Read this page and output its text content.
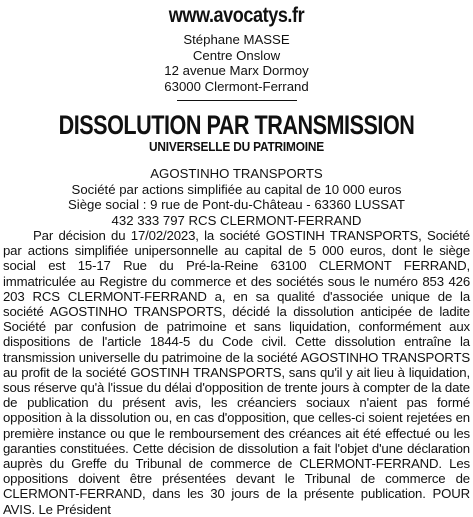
www.avocatys.fr
Stéphane MASSE
Centre Onslow
12 avenue Marx Dormoy
63000 Clermont-Ferrand
DISSOLUTION PAR TRANSMISSION
UNIVERSELLE DU PATRIMOINE
AGOSTINHO TRANSPORTS
Société par actions simplifiée au capital de 10 000 euros
Siège social : 9 rue de Pont-du-Château - 63360 LUSSAT
432 333 797 RCS CLERMONT-FERRAND

Par décision du 17/02/2023, la société GOSTINH TRANSPORTS, Société par actions simplifiée unipersonnelle au capital de 5 000 euros, dont le siège social est 15-17 Rue du Pré-la-Reine 63100 CLERMONT FERRAND, immatriculée au Registre du commerce et des sociétés sous le numéro 853 426 203 RCS CLERMONT-FERRAND a, en sa qualité d'associée unique de la société AGOSTINHO TRANSPORTS, décidé la dissolution anticipée de ladite Société par confusion de patrimoine et sans liquidation, conformément aux dispositions de l'article 1844-5 du Code civil. Cette dissolution entraîne la transmission universelle du patrimoine de la société AGOSTINHO TRANSPORTS au profit de la société GOSTINH TRANSPORTS, sans qu'il y ait lieu à liquidation, sous réserve qu'à l'issue du délai d'opposition de trente jours à compter de la date de publication du présent avis, les créanciers sociaux n'aient pas formé opposition à la dissolution ou, en cas d'opposition, que celles-ci soient rejetées en première instance ou que le remboursement des créances ait été effectué ou les garanties constituées. Cette décision de dissolution a fait l'objet d'une déclaration auprès du Greffe du Tribunal de commerce de CLERMONT-FERRAND. Les oppositions doivent être présentées devant le Tribunal de commerce de CLERMONT-FERRAND, dans les 30 jours de la présente publication. POUR AVIS. Le Président
